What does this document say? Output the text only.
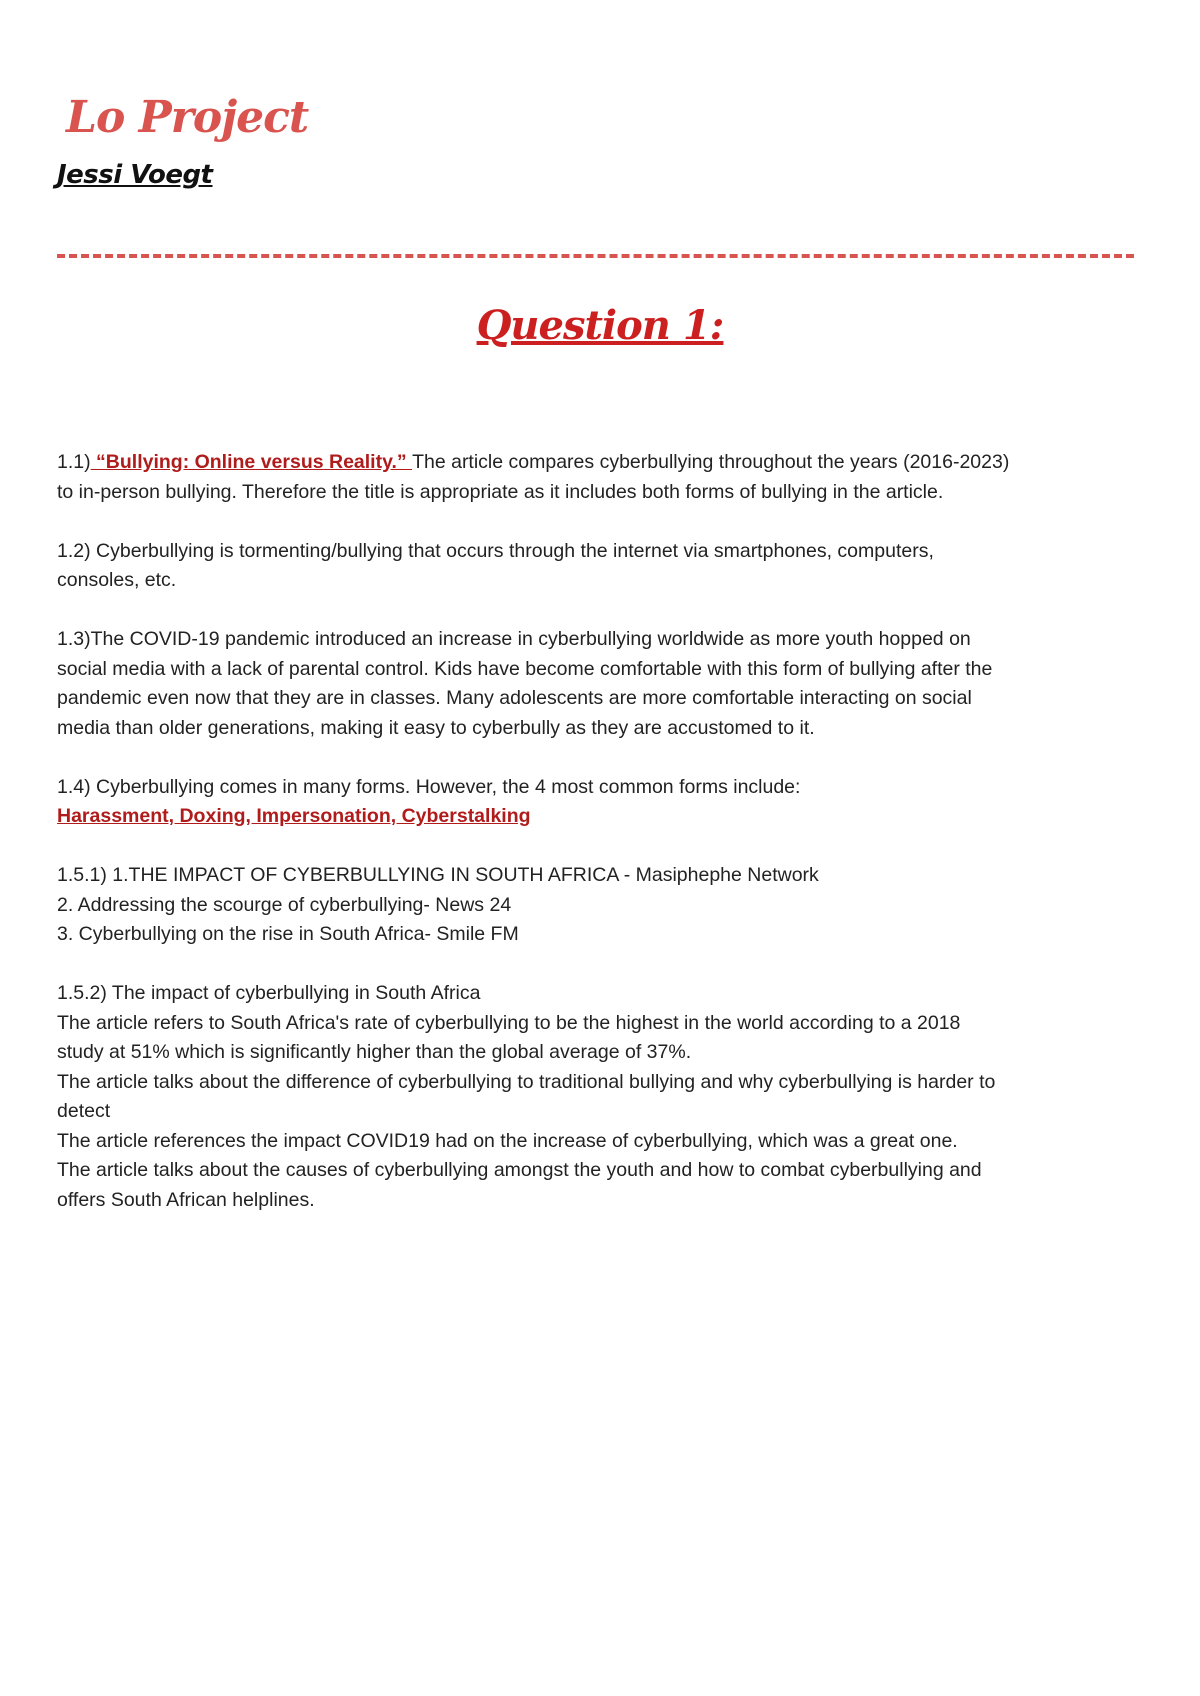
Lo Project
Jessi Voegt
Question 1:

1.1) “Bullying: Online versus Reality.” The article compares cyberbullying throughout the years (2016-2023)
to in-person bullying. Therefore the title is appropriate as it includes both forms of bullying in the article.

1.2) Cyberbullying is tormenting/bullying that occurs through the internet via smartphones, computers,
consoles, etc.

1.3)The COVID-19 pandemic introduced an increase in cyberbullying worldwide as more youth hopped on
social media with a lack of parental control. Kids have become comfortable with this form of bullying after the
pandemic even now that they are in classes. Many adolescents are more comfortable interacting on social
media than older generations, making it easy to cyberbully as they are accustomed to it.

1.4) Cyberbullying comes in many forms. However, the 4 most common forms include:
Harassment, Doxing, Impersonation, Cyberstalking

1.5.1) 1.THE IMPACT OF CYBERBULLYING IN SOUTH AFRICA - Masiphephe Network
2. Addressing the scourge of cyberbullying- News 24
3. Cyberbullying on the rise in South Africa- Smile FM

1.5.2) The impact of cyberbullying in South Africa
The article refers to South Africa's rate of cyberbullying to be the highest in the world according to a 2018
study at 51% which is significantly higher than the global average of 37%.
The article talks about the difference of cyberbullying to traditional bullying and why cyberbullying is harder to
detect
The article references the impact COVID19 had on the increase of cyberbullying, which was a great one.
The article talks about the causes of cyberbullying amongst the youth and how to combat cyberbullying and
offers South African helplines.
